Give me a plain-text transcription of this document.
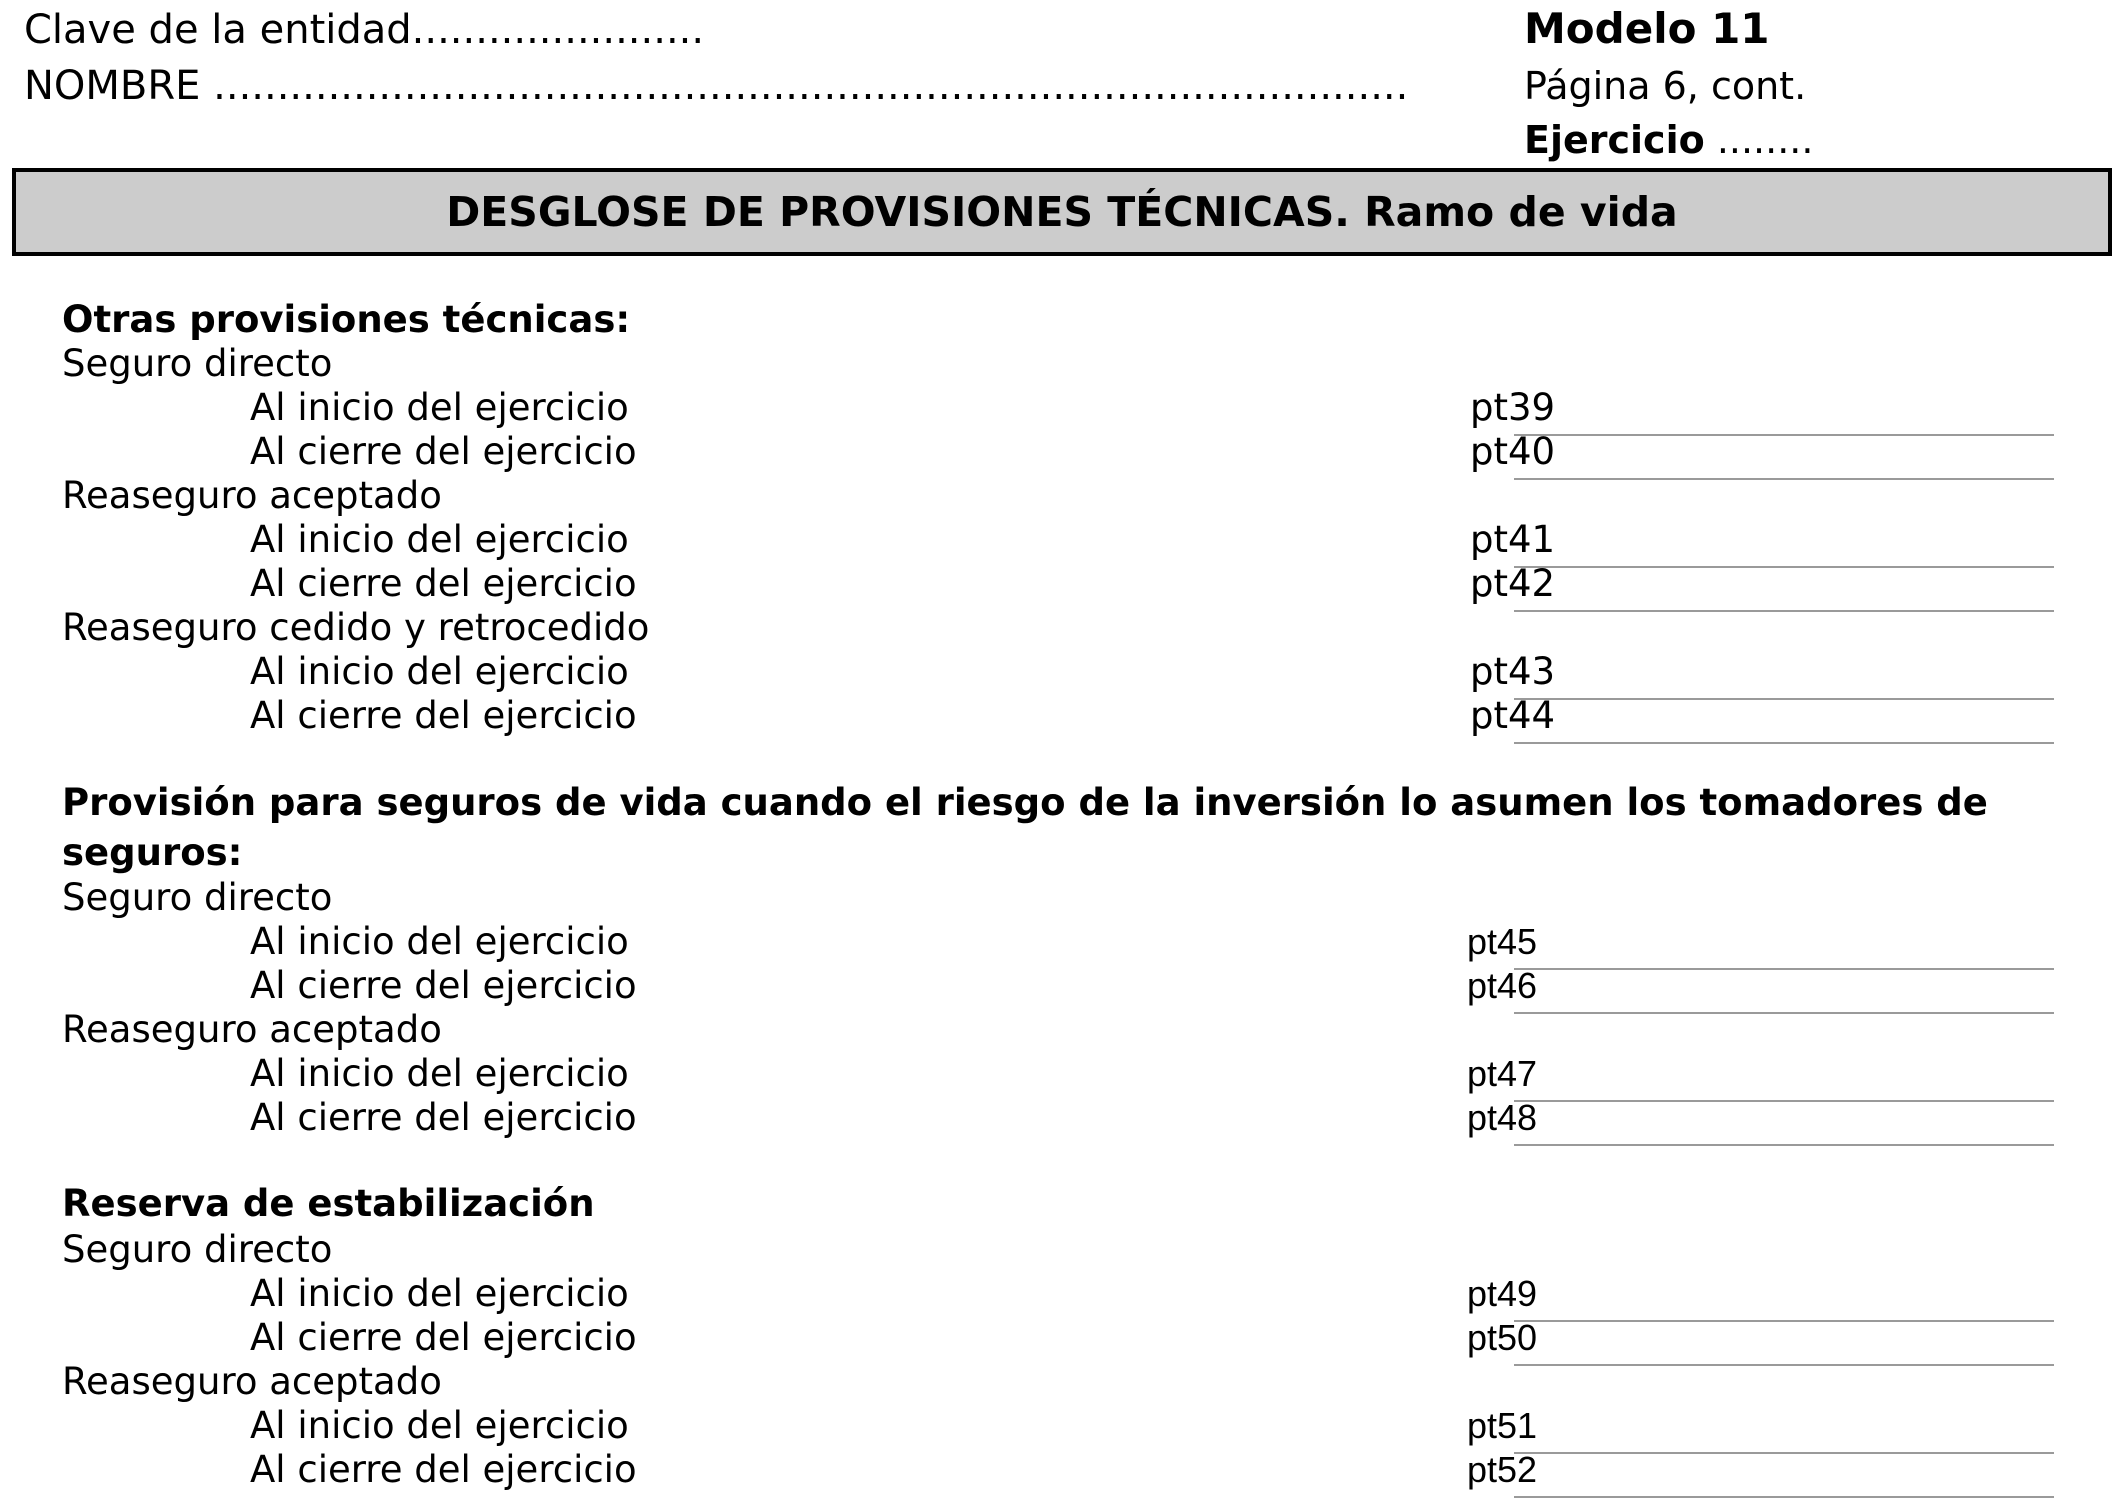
Clave de la entidad.......................
NOMBRE ..............................................................................................
Modelo 11
Página 6, cont.
Ejercicio ........
DESGLOSE DE PROVISIONES TÉCNICAS. Ramo de vida
Otras provisiones técnicas:
Seguro directo
Al inicio del ejercicio	pt39
Al cierre del ejercicio	pt40
Reaseguro aceptado
Al inicio del ejercicio	pt41
Al cierre del ejercicio	pt42
Reaseguro cedido y retrocedido
Al inicio del ejercicio	pt43
Al cierre del ejercicio	pt44
Provisión para seguros de vida cuando el riesgo de la inversión lo asumen los tomadores de seguros:
Seguro directo
Al inicio del ejercicio	pt45
Al cierre del ejercicio	pt46
Reaseguro aceptado
Al inicio del ejercicio	pt47
Al cierre del ejercicio	pt48
Reserva de estabilización
Seguro directo
Al inicio del ejercicio	pt49
Al cierre del ejercicio	pt50
Reaseguro aceptado
Al inicio del ejercicio	pt51
Al cierre del ejercicio	pt52
